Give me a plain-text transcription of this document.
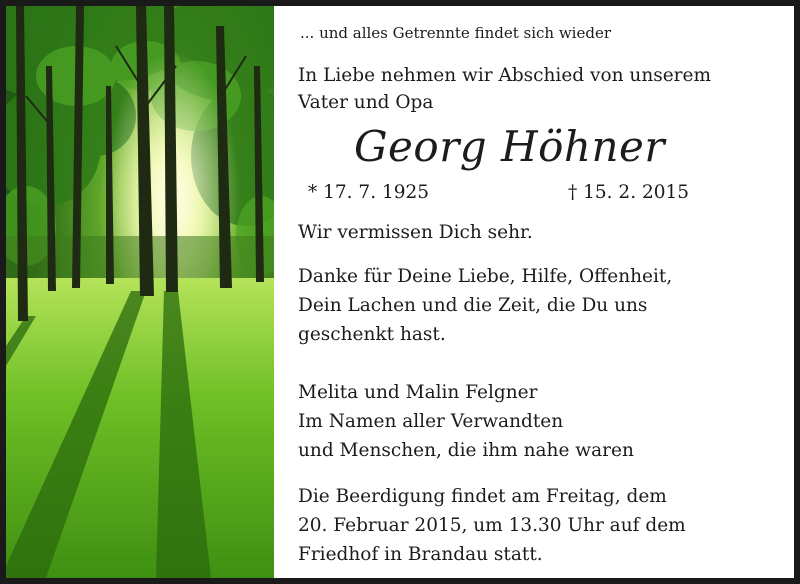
... und alles Getrennte findet sich wieder
In Liebe nehmen wir Abschied von unserem
Vater und Opa
Georg Höhner
* 17. 7. 1925	† 15. 2. 2015
Wir vermissen Dich sehr.
Danke für Deine Liebe, Hilfe, Offenheit,
Dein Lachen und die Zeit, die Du uns
geschenkt hast.
Melita und Malin Felgner
Im Namen aller Verwandten
und Menschen, die ihm nahe waren
Die Beerdigung findet am Freitag, dem
20. Februar 2015, um 13.30 Uhr auf dem
Friedhof in Brandau statt.
